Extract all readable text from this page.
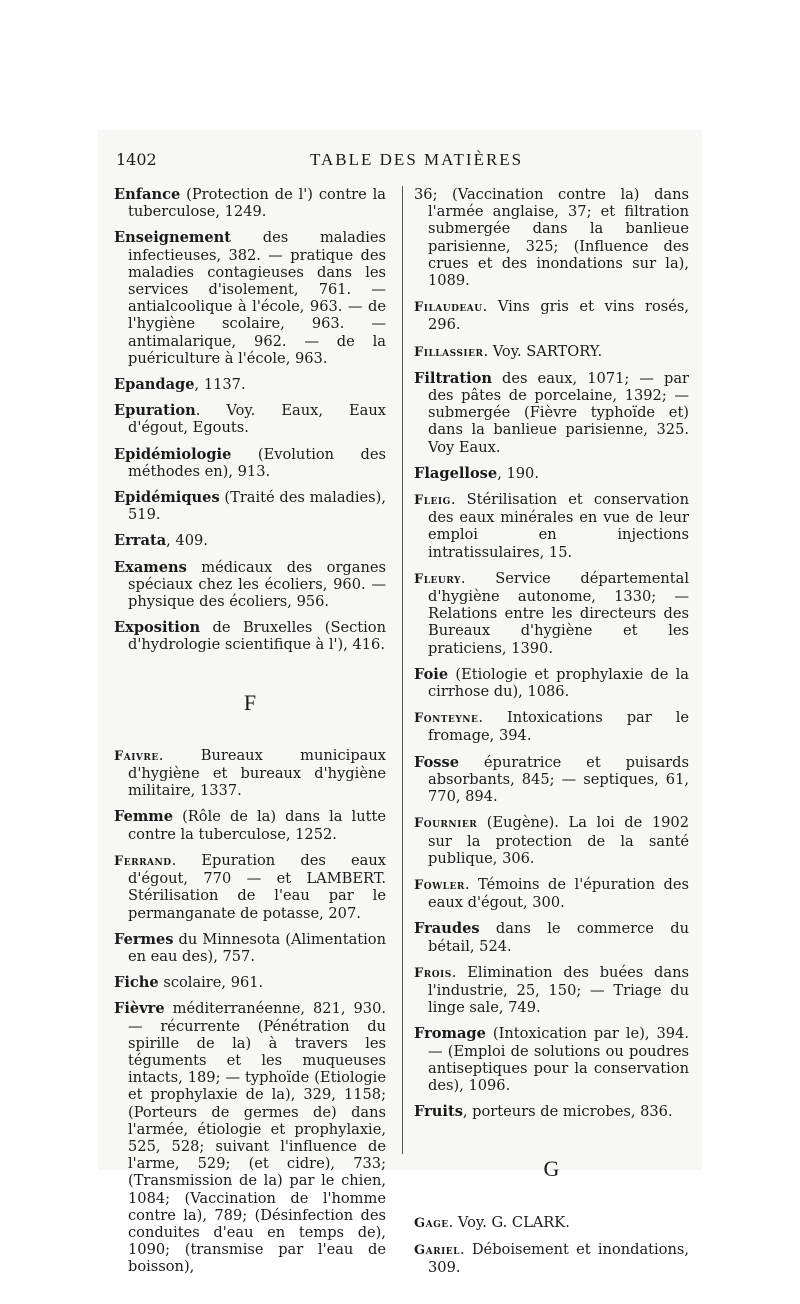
1402	TABLE DES MATIÈRES

Enfance (Protection de l') contre la tuberculose, 1249.

Enseignement des maladies infectieuses, 382. — pratique des maladies contagieuses dans les services d'isolement, 761. — antialcoolique à l'école, 963. — de l'hygiène scolaire, 963. — antimalarique, 962. — de la puériculture à l'école, 963.

Epandage, 1137.

Epuration. Voy. Eaux, Eaux d'égout, Egouts.

Epidémiologie (Evolution des méthodes en), 913.

Epidémiques (Traité des maladies), 519.

Errata, 409.

Examens médicaux des organes spéciaux chez les écoliers, 960. — physique des écoliers, 956.

Exposition de Bruxelles (Section d'hydrologie scientifique à l'), 416.

F

Faivre. Bureaux municipaux d'hygiène et bureaux d'hygiène militaire, 1337.

Femme (Rôle de la) dans la lutte contre la tuberculose, 1252.

Ferrand. Epuration des eaux d'égout, 770 — et LAMBERT. Stérilisation de l'eau par le permanganate de potasse, 207.

Fermes du Minnesota (Alimentation en eau des), 757.

Fiche scolaire, 961.

Fièvre méditerranéenne, 821, 930. — récurrente (Pénétration du spirille de la) à travers les téguments et les muqueuses intacts, 189; — typhoïde (Etiologie et prophylaxie de la), 329, 1158; (Porteurs de germes de) dans l'armée, étiologie et prophylaxie, 525, 528; suivant l'influence de l'arme, 529; (et cidre), 733; (Transmission de la) par le chien, 1084; (Vaccination de l'homme contre la), 789; (Désinfection des conduites d'eau en temps de), 1090; (transmise par l'eau de boisson),

36; (Vaccination contre la) dans l'armée anglaise, 37; et filtration submergée dans la banlieue parisienne, 325; (Influence des crues et des inondations sur la), 1089.

Filaudeau. Vins gris et vins rosés, 296.

Fillassier. Voy. SARTORY.

Filtration des eaux, 1071; — par des pâtes de porcelaine, 1392; — submergée (Fièvre typhoïde et) dans la banlieue parisienne, 325. Voy Eaux.

Flagellose, 190.

Fleig. Stérilisation et conservation des eaux minérales en vue de leur emploi en injections intratissulaires, 15.

Fleury. Service départemental d'hygiène autonome, 1330; — Relations entre les directeurs des Bureaux d'hygiène et les praticiens, 1390.

Foie (Etiologie et prophylaxie de la cirrhose du), 1086.

Fonteyne. Intoxications par le fromage, 394.

Fosse épuratrice et puisards absorbants, 845; — septiques, 61, 770, 894.

Fournier (Eugène). La loi de 1902 sur la protection de la santé publique, 306.

Fowler. Témoins de l'épuration des eaux d'égout, 300.

Fraudes dans le commerce du bétail, 524.

Frois. Elimination des buées dans l'industrie, 25, 150; — Triage du linge sale, 749.

Fromage (Intoxication par le), 394. — (Emploi de solutions ou poudres antiseptiques pour la conservation des), 1096.

Fruits, porteurs de microbes, 836.

G

Gage. Voy. G. CLARK.

Gariel. Déboisement et inondations, 309.
